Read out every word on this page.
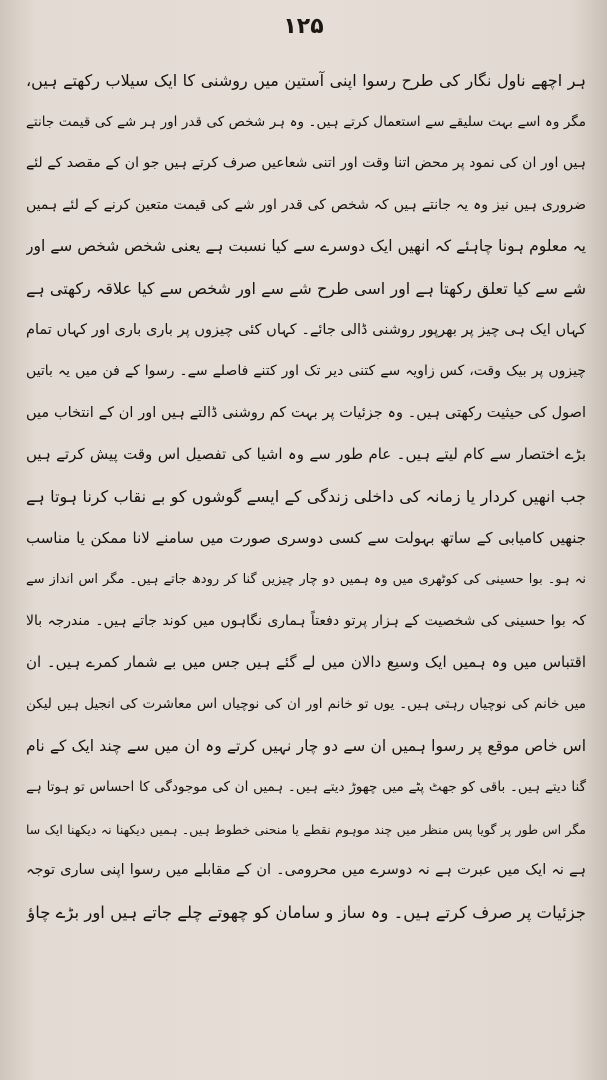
۱۲۵
ہر اچھے ناول نگار کی طرح رسوا اپنی آستین میں روشنی کا ایک سیلاب رکھتے ہیں،
مگر وہ اسے بہت سلیقے سے استعمال کرتے ہیں۔ وہ ہر شخص کی قدر اور ہر شے کی قیمت جانتے
ہیں اور ان کی نمود پر محض اتنا وقت اور اتنی شعاعیں صرف کرتے ہیں جو ان کے مقصد کے لئے
ضروری ہیں نیز وہ یہ جانتے ہیں کہ شخص کی قدر اور شے کی قیمت متعین کرنے کے لئے ہمیں
یہ معلوم ہونا چاہئے کہ انھیں ایک دوسرے سے کیا نسبت ہے یعنی شخص شخص سے اور
شے سے کیا تعلق رکھتا ہے اور اسی طرح شے سے اور شخص سے کیا علاقہ رکھتی ہے
کہاں ایک ہی چیز پر بھرپور روشنی ڈالی جائے۔ کہاں کئی چیزوں پر باری باری اور کہاں تمام
چیزوں پر بیک وقت، کس زاویہ سے کتنی دیر تک اور کتنے فاصلے سے۔ رسوا کے فن میں یہ باتیں
اصول کی حیثیت رکھتی ہیں۔ وہ جزئیات پر بہت کم روشنی ڈالتے ہیں اور ان کے انتخاب میں
بڑے اختصار سے کام لیتے ہیں۔ عام طور سے وہ اشیا کی تفصیل اس وقت پیش کرتے ہیں
جب انھیں کردار یا زمانہ کی داخلی زندگی کے ایسے گوشوں کو بے نقاب کرنا ہوتا ہے
جنھیں کامیابی کے ساتھ بہولت سے کسی دوسری صورت میں سامنے لانا ممکن یا مناسب
نہ ہو۔ بوا حسینی کی کوٹھری میں وہ ہمیں دو چار چیزیں گنا کر رودھ جاتے ہیں۔ مگر اس انداز سے
کہ بوا حسینی کی شخصیت کے ہزار پرتو دفعتاً ہماری نگاہوں میں کوند جاتے ہیں۔ مندرجہ بالا
اقتباس میں وہ ہمیں ایک وسیع دالان میں لے گئے ہیں جس میں بے شمار کمرے ہیں۔ ان
میں خانم کی نوچیاں رہتی ہیں۔ یوں تو خانم اور ان کی نوچیاں اس معاشرت کی انجیل ہیں لیکن
اس خاص موقع پر رسوا ہمیں ان سے دو چار نہیں کرتے وہ ان میں سے چند ایک کے نام
گنا دیتے ہیں۔ باقی کو جھٹ پٹے میں چھوڑ دیتے ہیں۔ ہمیں ان کی موجودگی کا احساس تو ہوتا ہے
مگر اس طور پر گویا پس منظر میں چند موہوم نقطے یا منحنی خطوط ہیں۔ ہمیں دیکھنا نہ دیکھنا ایک سا
ہے نہ ایک میں عبرت ہے نہ دوسرے میں محرومی۔ ان کے مقابلے میں رسوا اپنی ساری توجہ
جزئیات پر صرف کرتے ہیں۔ وہ ساز و سامان کو چھوتے چلے جاتے ہیں اور بڑے چاؤ
